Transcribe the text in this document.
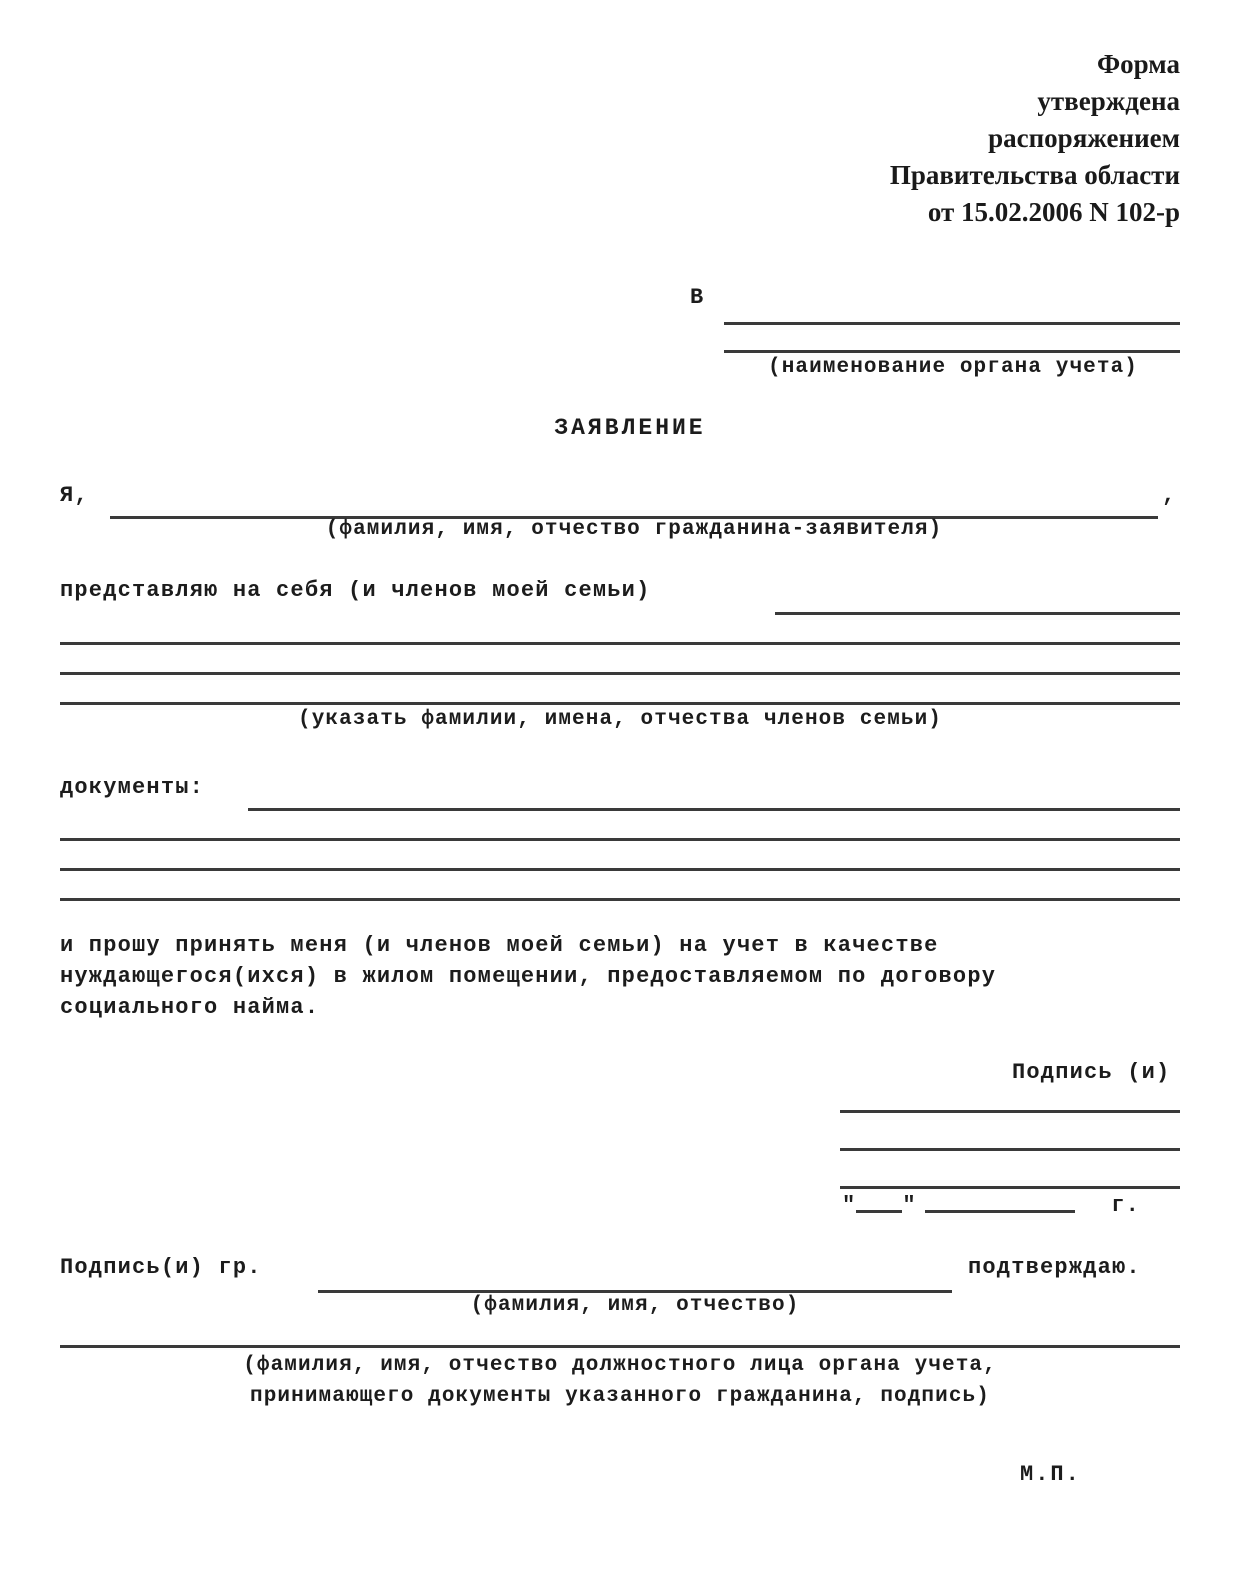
Форма
утверждена
распоряжением
Правительства области
от 15.02.2006 N 102-р
В
(наименование органа учета)
ЗАЯВЛЕНИЕ
Я,	,
(фамилия, имя, отчество гражданина-заявителя)
представляю на себя (и членов моей семьи)
(указать фамилии, имена, отчества членов семьи)
документы:
и прошу принять меня (и членов моей семьи) на учет в качестве
нуждающегося(ихся) в жилом помещении, предоставляемом по договору
социального найма.
Подпись (и)
" "	г.
Подпись(и) гр.	подтверждаю.
(фамилия, имя, отчество)
(фамилия, имя, отчество должностного лица органа учета,
принимающего документы указанного гражданина, подпись)
М.П.
